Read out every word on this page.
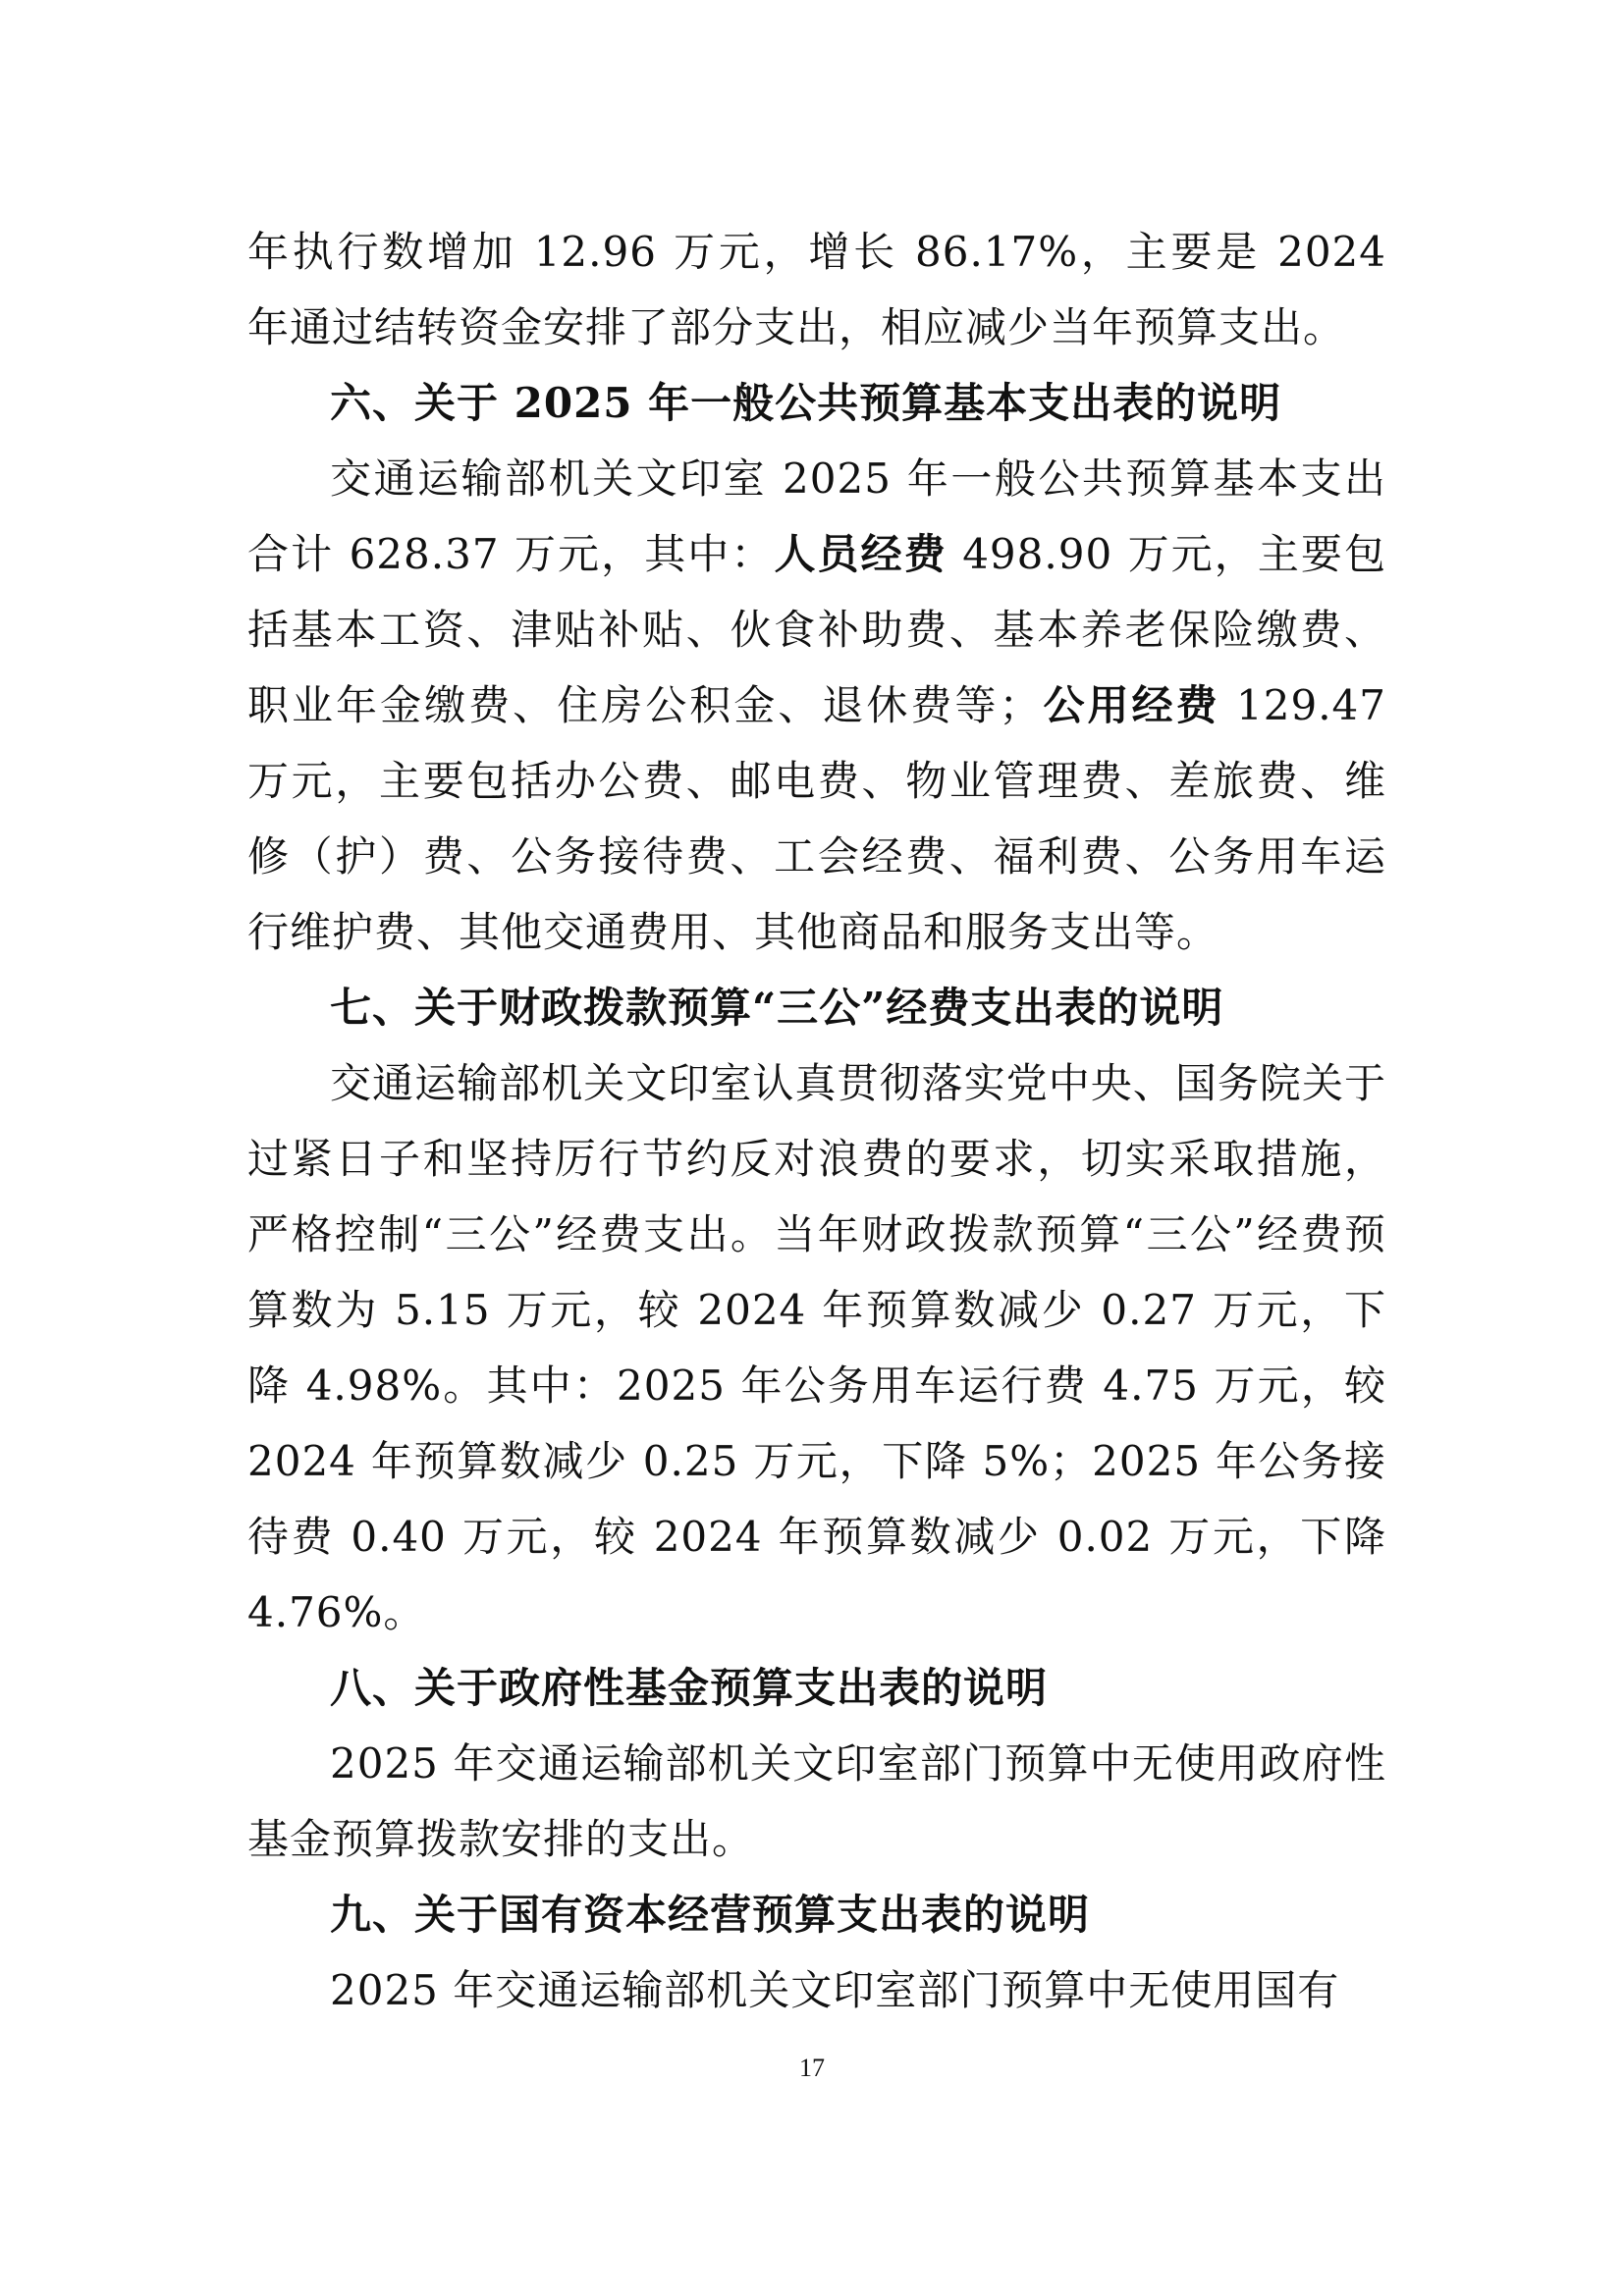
年执行数增加 12.96 万元，增长 86.17%，主要是 2024 年通过结转资金安排了部分支出，相应减少当年预算支出。

六、关于 2025 年一般公共预算基本支出表的说明

交通运输部机关文印室 2025 年一般公共预算基本支出合计 628.37 万元，其中：人员经费 498.90 万元，主要包括基本工资、津贴补贴、伙食补助费、基本养老保险缴费、职业年金缴费、住房公积金、退休费等；公用经费 129.47 万元，主要包括办公费、邮电费、物业管理费、差旅费、维修（护）费、公务接待费、工会经费、福利费、公务用车运行维护费、其他交通费用、其他商品和服务支出等。

七、关于财政拨款预算“三公”经费支出表的说明

交通运输部机关文印室认真贯彻落实党中央、国务院关于过紧日子和坚持厉行节约反对浪费的要求，切实采取措施，严格控制“三公”经费支出。当年财政拨款预算“三公”经费预算数为 5.15 万元，较 2024 年预算数减少 0.27 万元，下降 4.98%。其中：2025 年公务用车运行费 4.75 万元，较 2024 年预算数减少 0.25 万元，下降 5%；2025 年公务接待费 0.40 万元，较 2024 年预算数减少 0.02 万元，下降 4.76%。

八、关于政府性基金预算支出表的说明

2025 年交通运输部机关文印室部门预算中无使用政府性基金预算拨款安排的支出。

九、关于国有资本经营预算支出表的说明

2025 年交通运输部机关文印室部门预算中无使用国有

17
